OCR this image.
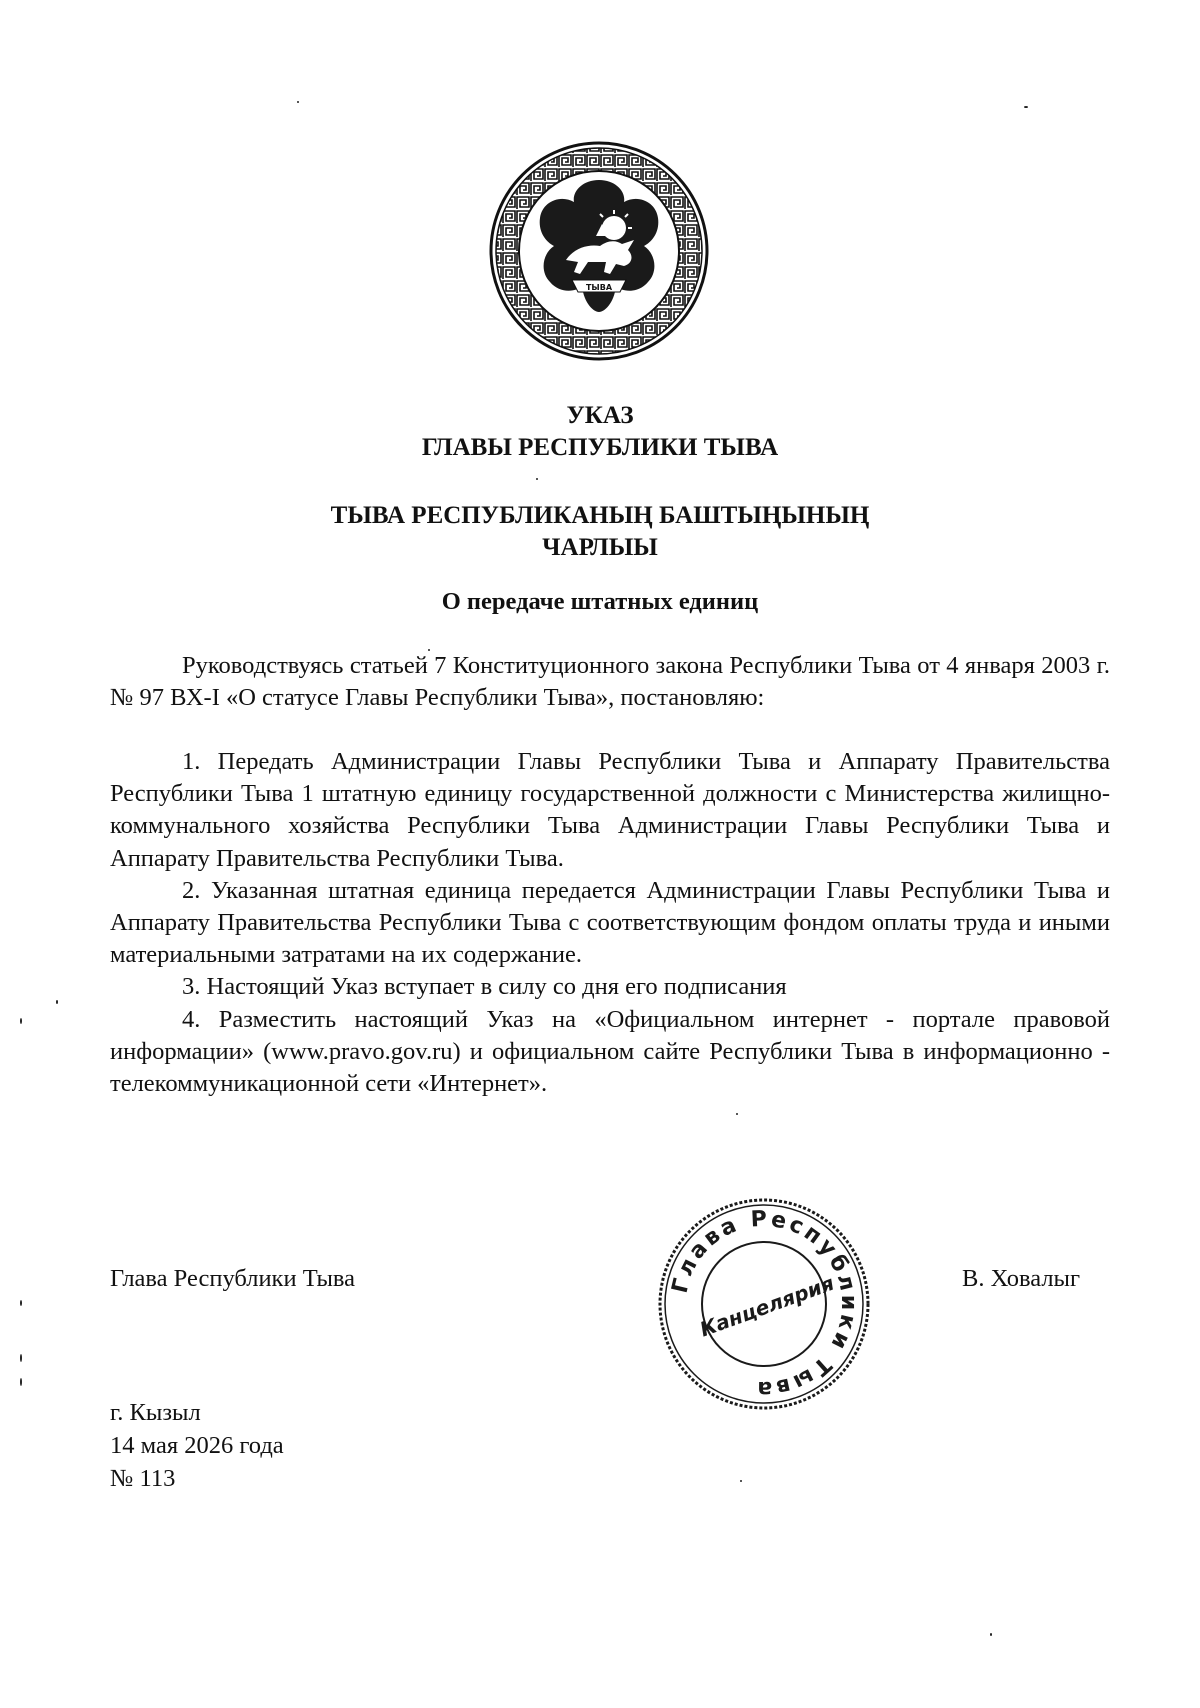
ТЫВА
УКАЗ
ГЛАВЫ РЕСПУБЛИКИ ТЫВА
ТЫВА РЕСПУБЛИКАНЫҢ БАШТЫҢЫНЫҢ
ЧАРЛЫЫ
О передаче штатных единиц

Руководствуясь статьей 7 Конституционного закона Республики Тыва от 4 января 2003 г. № 97 ВХ-I «О статусе Главы Республики Тыва», постановляю:

1. Передать Администрации Главы Республики Тыва и Аппарату Правительства Республики Тыва 1 штатную единицу государственной должности с Министерства жилищно-коммунального хозяйства Республики Тыва Администрации Главы Республики Тыва и Аппарату Правительства Республики Тыва.

2. Указанная штатная единица передается Администрации Главы Республики Тыва и Аппарату Правительства Республики Тыва с соответствующим фондом оплаты труда и иными материальными затратами на их содержание.

3. Настоящий Указ вступает в силу со дня его подписания

4. Разместить настоящий Указ на «Официальном интернет - портале правовой информации» (www.pravo.gov.ru) и официальном сайте Республики Тыва в информационно - телекоммуникационной сети «Интернет».

Глава Республики Тыва	В. Ховалыг
Глава Республики Тыва
Канцелярия
г. Кызыл
14 мая 2026 года
№ 113
